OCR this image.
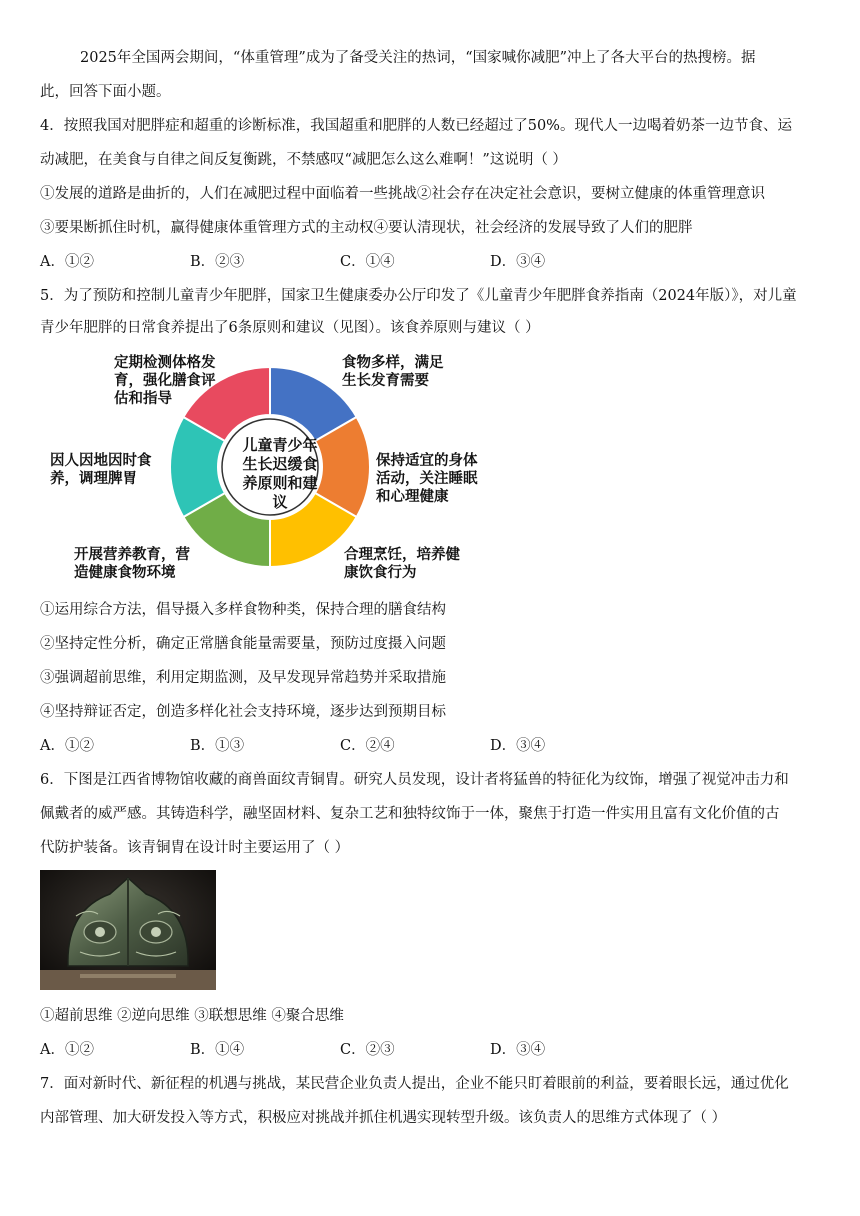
2025年全国两会期间，“体重管理”成为了备受关注的热词，“国家喊你减肥”冲上了各大平台的热搜榜。据
此，回答下面小题。
4．按照我国对肥胖症和超重的诊断标准，我国超重和肥胖的人数已经超过了50%。现代人一边喝着奶茶一边节食、运
动减肥，在美食与自律之间反复衡跳，不禁感叹“减肥怎么这么难啊！”这说明（ ）
①发展的道路是曲折的，人们在减肥过程中面临着一些挑战②社会存在决定社会意识，要树立健康的体重管理意识
③要果断抓住时机，赢得健康体重管理方式的主动权④要认清现状，社会经济的发展导致了人们的肥胖
A．①②	B．②③	C．①④	D．③④
5．为了预防和控制儿童青少年肥胖，国家卫生健康委办公厅印发了《儿童青少年肥胖食养指南（2024年版）》，对儿童
青少年肥胖的日常食养提出了6条原则和建议（见图）。该食养原则与建议（ ）
儿童青少年
生长迟缓食
养原则和建
议
食物多样，满足
生长发育需要
保持适宜的身体
活动，关注睡眠
和心理健康
合理烹饪，培养健
康饮食行为
开展营养教育，营
造健康食物环境
因人因地因时食
养，调理脾胃
定期检测体格发
育，强化膳食评
估和指导
①运用综合方法，倡导摄入多样食物种类，保持合理的膳食结构
②坚持定性分析，确定正常膳食能量需要量，预防过度摄入问题
③强调超前思维，利用定期监测，及早发现异常趋势并采取措施
④坚持辩证否定，创造多样化社会支持环境，逐步达到预期目标
A．①②	B．①③	C．②④	D．③④
6．下图是江西省博物馆收藏的商兽面纹青铜胄。研究人员发现，设计者将猛兽的特征化为纹饰，增强了视觉冲击力和
佩戴者的威严感。其铸造科学，融坚固材料、复杂工艺和独特纹饰于一体，聚焦于打造一件实用且富有文化价值的古
代防护装备。该青铜胄在设计时主要运用了（ ）
①超前思维 ②逆向思维 ③联想思维 ④聚合思维
A．①②	B．①④	C．②③	D．③④
7．面对新时代、新征程的机遇与挑战，某民营企业负责人提出，企业不能只盯着眼前的利益，要着眼长远，通过优化
内部管理、加大研发投入等方式，积极应对挑战并抓住机遇实现转型升级。该负责人的思维方式体现了（ ）
